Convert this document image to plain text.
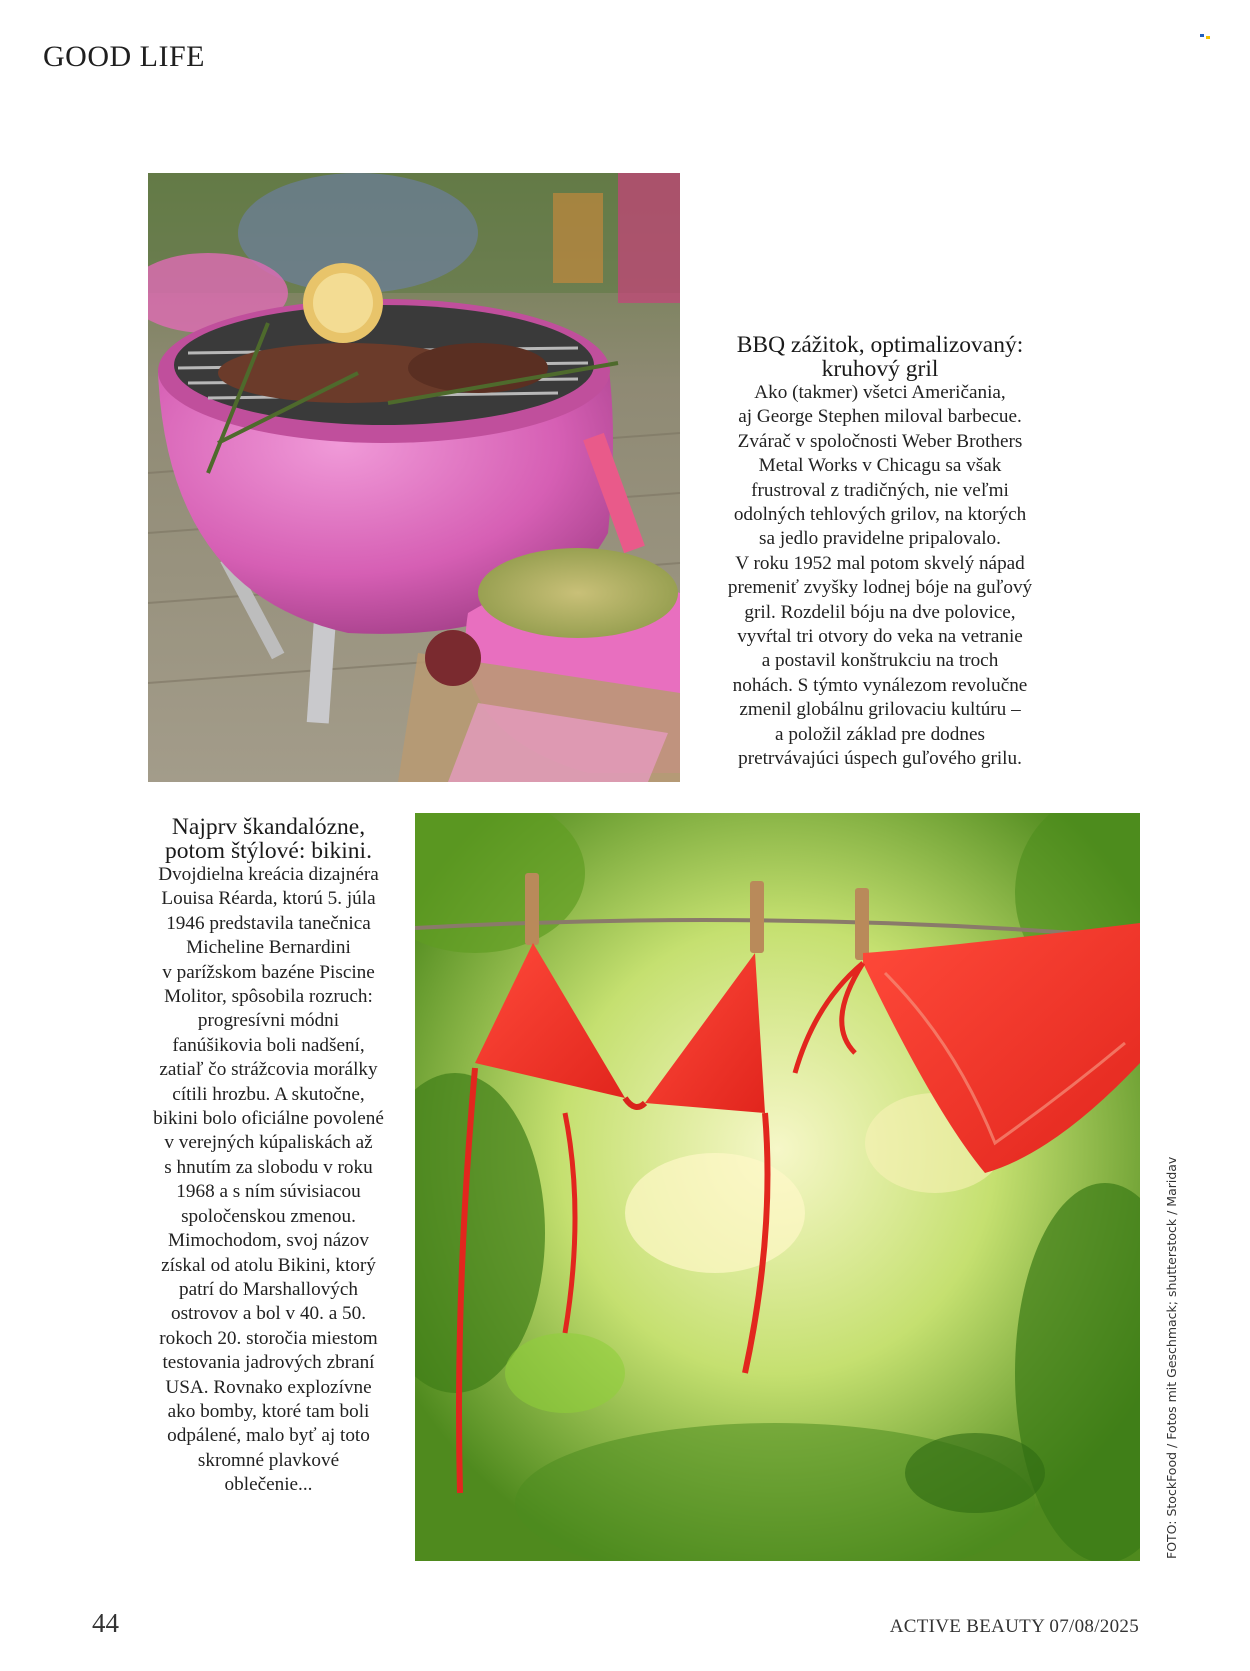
GOOD LIFE
BBQ zážitok, optimalizovaný:
kruhový gril

Ako (takmer) všetci Američania,
aj George Stephen miloval barbecue.
Zvárač v spoločnosti Weber Brothers
Metal Works v Chicagu sa však
frustroval z tradičných, nie veľmi
odolných tehlových grilov, na ktorých
sa jedlo pravidelne pripalovalo.
V roku 1952 mal potom skvelý nápad
premeniť zvyšky lodnej bóje na guľový
gril. Rozdelil bóju na dve polovice,
vyvŕtal tri otvory do veka na vetranie
a postavil konštrukciu na troch
nohách. S týmto vynálezom revolučne
zmenil globálnu grilovaciu kultúru –
a položil základ pre dodnes
pretrvávajúci úspech guľového grilu.

Najprv škandalózne,
potom štýlové: bikini.

Dvojdielna kreácia dizajnéra
Louisa Réarda, ktorú 5. júla
1946 predstavila tanečnica
Micheline Bernardini
v parížskom bazéne Piscine
Molitor, spôsobila rozruch:
progresívni módni
fanúšikovia boli nadšení,
zatiaľ čo strážcovia morálky
cítili hrozbu. A skutočne,
bikini bolo oficiálne povolené
v verejných kúpaliskách až
s hnutím za slobodu v roku
1968 a s ním súvisiacou
spoločenskou zmenou.
Mimochodom, svoj názov
získal od atolu Bikini, ktorý
patrí do Marshallových
ostrovov a bol v 40. a 50.
rokoch 20. storočia miestom
testovania jadrových zbraní
USA. Rovnako explozívne
ako bomby, ktoré tam boli
odpálené, malo byť aj toto
skromné plavkové
oblečenie...	FOTO: StockFood / Fotos mit Geschmack; shutterstock / Maridav
44	ACTIVE BEAUTY 07/08/2025
